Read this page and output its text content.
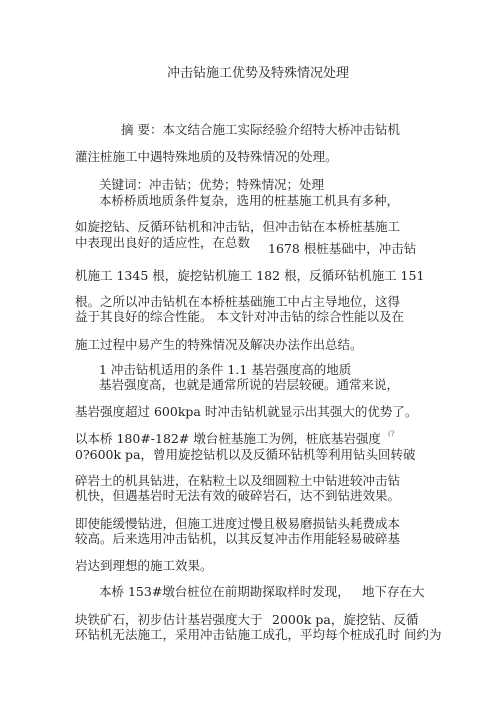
冲击钻施工优势及特殊情况处理
摘 要：本文结合施工实际经验介绍特大桥冲击钻机
灌注桩施工中遇特殊地质的及特殊情况的处理。
关键词：冲击钻；优势；特殊情况；处理
本桥桥质地质条件复杂，选用的桩基施工机具有多种，
如旋挖钻、反循环钻机和冲击钻，但冲击钻在本桥桩基施工
中表现出良好的适应性，在总数 1678 根桩基础中，冲击钻
机施工 1345 根，旋挖钻机施工 182 根，反循环钻机施工 151
根。之所以冲击钻机在本桥桩基础施工中占主导地位，这得
益于其良好的综合性能。 本文针对冲击钻的综合性能以及在
施工过程中易产生的特殊情况及解决办法作出总结。
1 冲击钻机适用的条件 1.1 基岩强度高的地质
基岩强度高，也就是通常所说的岩层较硬。通常来说，
基岩强度超过 600kpa 时冲击钻机就显示出其强大的优势了。
以本桥 180#-182# 墩台桩基施工为例，桩底基岩强度 (?
0?600k pa，曾用旋挖钻机以及反循环钻机等利用钻头回转破
碎岩土的机具钻进，在粘粒土以及细圆粒土中钻进较冲击钻
机快，但遇基岩时无法有效的破碎岩石，达不到钻进效果。
即使能缓慢钻进，但施工进度过慢且极易磨损钻头耗费成本
较高。后来选用冲击钻机，以其反复冲击作用能轻易破碎基
岩达到理想的施工效果。
本桥 153#墩台桩位在前期勘探取样时发现， 地下存在大
块铁矿石，初步估计基岩强度大于 2000k pa，旋挖钻、反循
环钻机无法施工，采用冲击钻施工成孔，平均每个桩成孔时 间约为
